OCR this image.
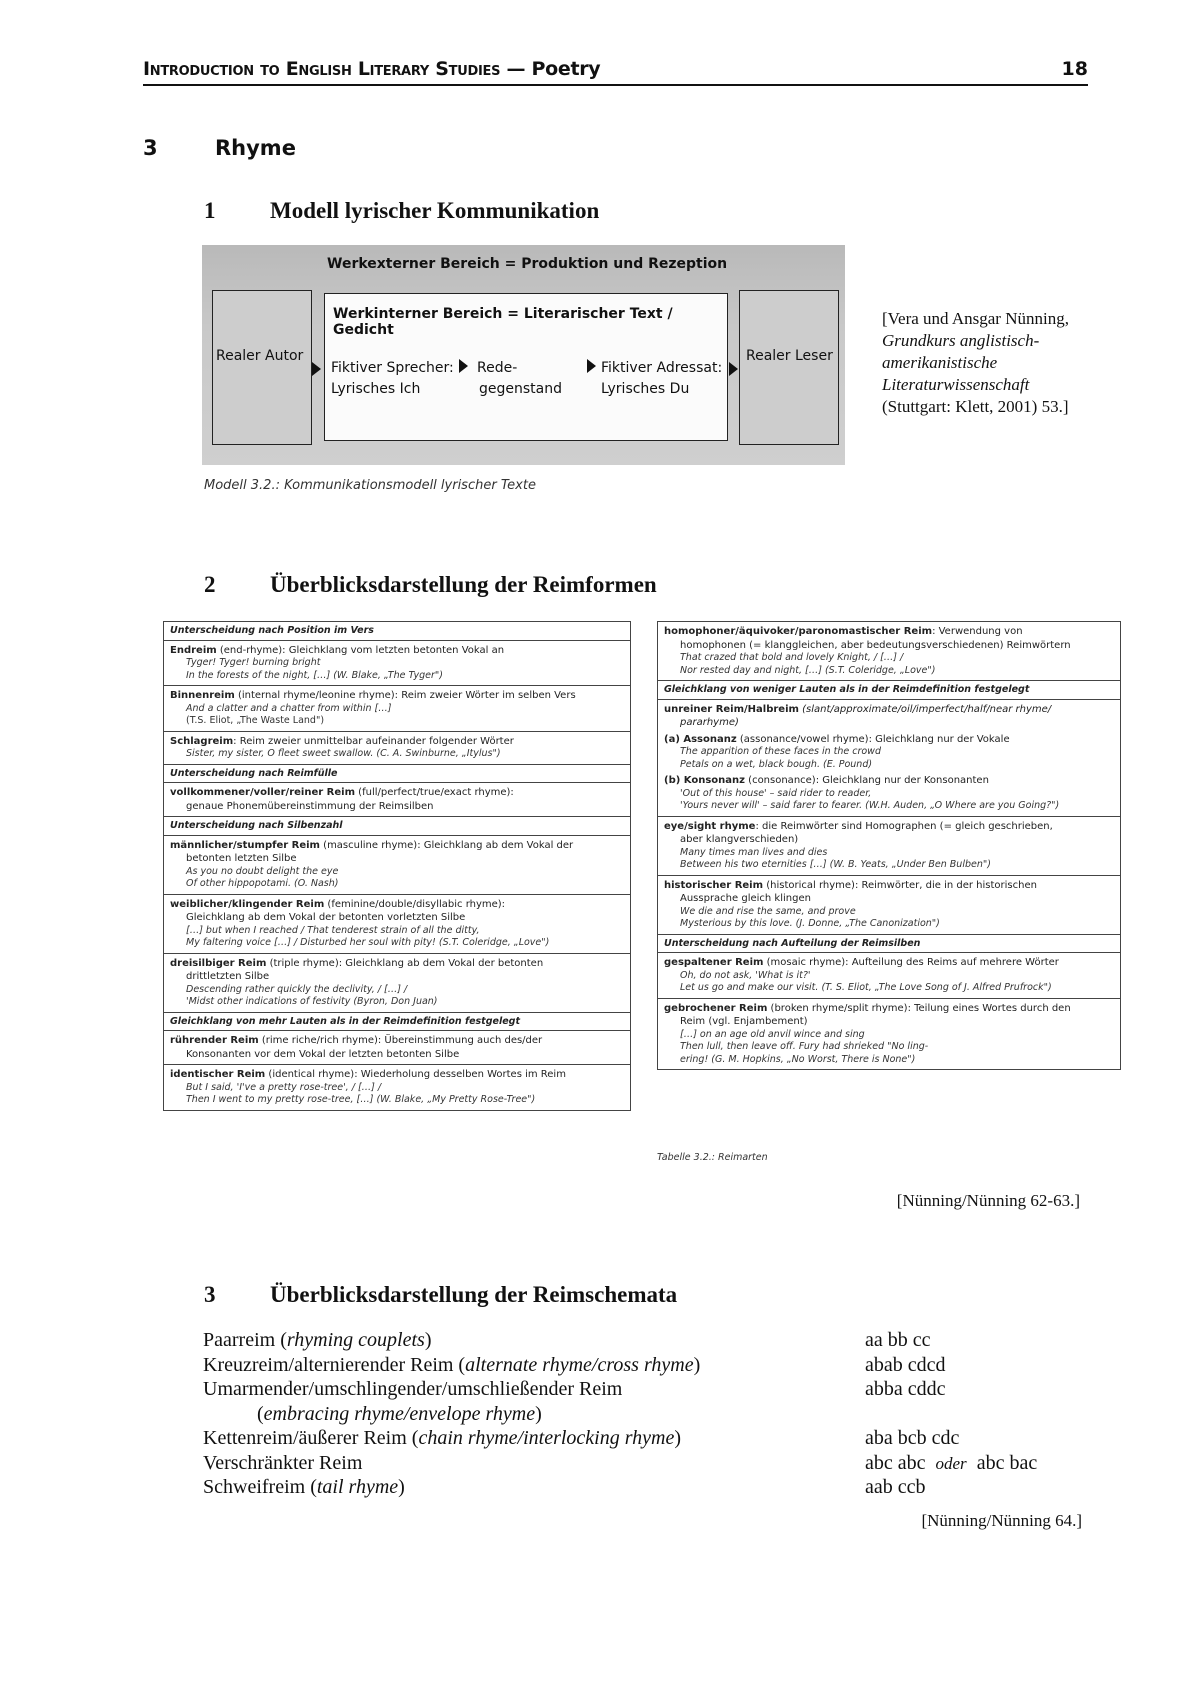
Introduction to English Literary Studies — Poetry	18
3	Rhyme
1 Modell lyrischer Kommunikation
Werkexterner Bereich = Produktion und Rezeption
Realer Autor
Werkinterner Bereich = Literarischer Text / Gedicht
Fiktiver Sprecher:
Lyrisches Ich
Rede-
gegenstand
Fiktiver Adressat:
Lyrisches Du
Realer Leser
Modell 3.2.: Kommunikationsmodell lyrischer Texte
[Vera und Ansgar Nünning, Grundkurs anglistisch-amerikanistische Literaturwissenschaft (Stuttgart: Klett, 2001) 53.]
2 Überblicksdarstellung der Reimformen
Unterscheidung nach Position im Vers
Endreim (end-rhyme): Gleichklang vom letzten betonten Vokal an
Tyger! Tyger! burning bright
In the forests of the night, […] (W. Blake, „The Tyger")
Binnenreim (internal rhyme/leonine rhyme): Reim zweier Wörter im selben Vers
And a clatter and a chatter from within […]
(T.S. Eliot, „The Waste Land")
Schlagreim: Reim zweier unmittelbar aufeinander folgender Wörter
Sister, my sister, O fleet sweet swallow. (C. A. Swinburne, „Itylus")
Unterscheidung nach Reimfülle
vollkommener/voller/reiner Reim (full/perfect/true/exact rhyme):
genaue Phonemübereinstimmung der Reimsilben
Unterscheidung nach Silbenzahl
männlicher/stumpfer Reim (masculine rhyme): Gleichklang ab dem Vokal der
betonten letzten Silbe
As you no doubt delight the eye
Of other hippopotami. (O. Nash)
weiblicher/klingender Reim (feminine/double/disyllabic rhyme):
Gleichklang ab dem Vokal der betonten vorletzten Silbe
[…] but when I reached / That tenderest strain of all the ditty,
My faltering voice […] / Disturbed her soul with pity! (S.T. Coleridge, „Love")
dreisilbiger Reim (triple rhyme): Gleichklang ab dem Vokal der betonten
drittletzten Silbe
Descending rather quickly the declivity, / […] /
'Midst other indications of festivity (Byron, Don Juan)
Gleichklang von mehr Lauten als in der Reimdefinition festgelegt
rührender Reim (rime riche/rich rhyme): Übereinstimmung auch des/der
Konsonanten vor dem Vokal der letzten betonten Silbe
identischer Reim (identical rhyme): Wiederholung desselben Wortes im Reim
But I said, 'I've a pretty rose-tree', / […] /
Then I went to my pretty rose-tree, […] (W. Blake, „My Pretty Rose-Tree")
homophoner/äquivoker/paronomastischer Reim: Verwendung von
homophonen (= klanggleichen, aber bedeutungsverschiedenen) Reimwörtern
That crazed that bold and lovely Knight, / […] /
Nor rested day and night, […] (S.T. Coleridge, „Love")
Gleichklang von weniger Lauten als in der Reimdefinition festgelegt
unreiner Reim/Halbreim (slant/approximate/oil/imperfect/half/near rhyme/
pararhyme)
(a) Assonanz (assonance/vowel rhyme): Gleichklang nur der Vokale
The apparition of these faces in the crowd
Petals on a wet, black bough. (E. Pound)
(b) Konsonanz (consonance): Gleichklang nur der Konsonanten
'Out of this house' – said rider to reader,
'Yours never will' – said farer to fearer. (W.H. Auden, „O Where are you Going?")
eye/sight rhyme: die Reimwörter sind Homographen (= gleich geschrieben,
aber klangverschieden)
Many times man lives and dies
Between his two eternities […] (W. B. Yeats, „Under Ben Bulben")
historischer Reim (historical rhyme): Reimwörter, die in der historischen
Aussprache gleich klingen
We die and rise the same, and prove
Mysterious by this love. (J. Donne, „The Canonization")
Unterscheidung nach Aufteilung der Reimsilben
gespaltener Reim (mosaic rhyme): Aufteilung des Reims auf mehrere Wörter
Oh, do not ask, 'What is it?'
Let us go and make our visit. (T. S. Eliot, „The Love Song of J. Alfred Prufrock")
gebrochener Reim (broken rhyme/split rhyme): Teilung eines Wortes durch den
Reim (vgl. Enjambement)
[…] on an age old anvil wince and sing
Then lull, then leave off. Fury had shrieked "No ling-
ering! (G. M. Hopkins, „No Worst, There is None")
Tabelle 3.2.: Reimarten
[Nünning/Nünning 62-63.]
3 Überblicksdarstellung der Reimschemata
Paarreim (rhyming couplets)	aa bb cc
Kreuzreim/alternierender Reim (alternate rhyme/cross rhyme)	abab cdcd
Umarmender/umschlingender/umschließender Reim	abba cddc
(embracing rhyme/envelope rhyme)
Kettenreim/äußerer Reim (chain rhyme/interlocking rhyme)	aba bcb cdc
Verschränkter Reim	abc abc oder abc bac
Schweifreim (tail rhyme)	aab ccb
[Nünning/Nünning 64.]
